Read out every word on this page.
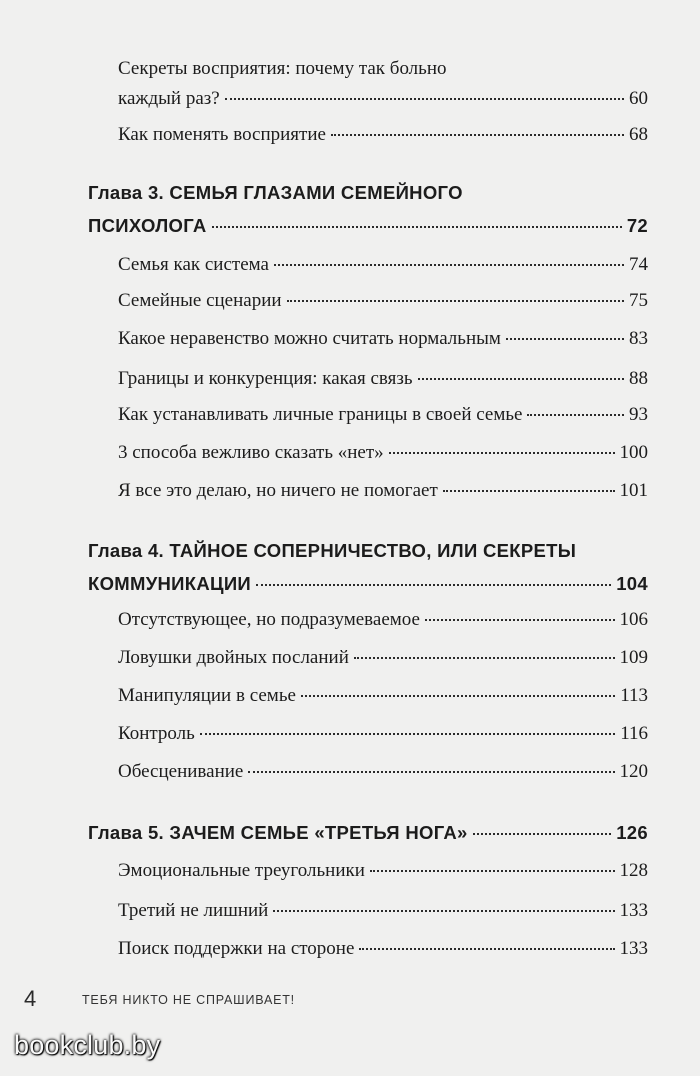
Секреты восприятия: почему так больно
каждый раз?	60
Как поменять восприятие	68
Глава 3. СЕМЬЯ ГЛАЗАМИ СЕМЕЙНОГО
ПСИХОЛОГА	72
Семья как система	74
Семейные сценарии	75
Какое неравенство можно считать нормальным	83
Границы и конкуренция: какая связь	88
Как устанавливать личные границы в своей семье	93
3 способа вежливо сказать «нет»	100
Я все это делаю, но ничего не помогает	101
Глава 4. ТАЙНОЕ СОПЕРНИЧЕСТВО, ИЛИ СЕКРЕТЫ
КОММУНИКАЦИИ	104
Отсутствующее, но подразумеваемое	106
Ловушки двойных посланий	109
Манипуляции в семье	113
Контроль	116
Обесценивание	120
Глава 5. ЗАЧЕМ СЕМЬЕ «ТРЕТЬЯ НОГА»	126
Эмоциональные треугольники	128
Третий не лишний	133
Поиск поддержки на стороне	133
4	ТЕБЯ НИКТО НЕ СПРАШИВАЕТ!
bookclub.by
